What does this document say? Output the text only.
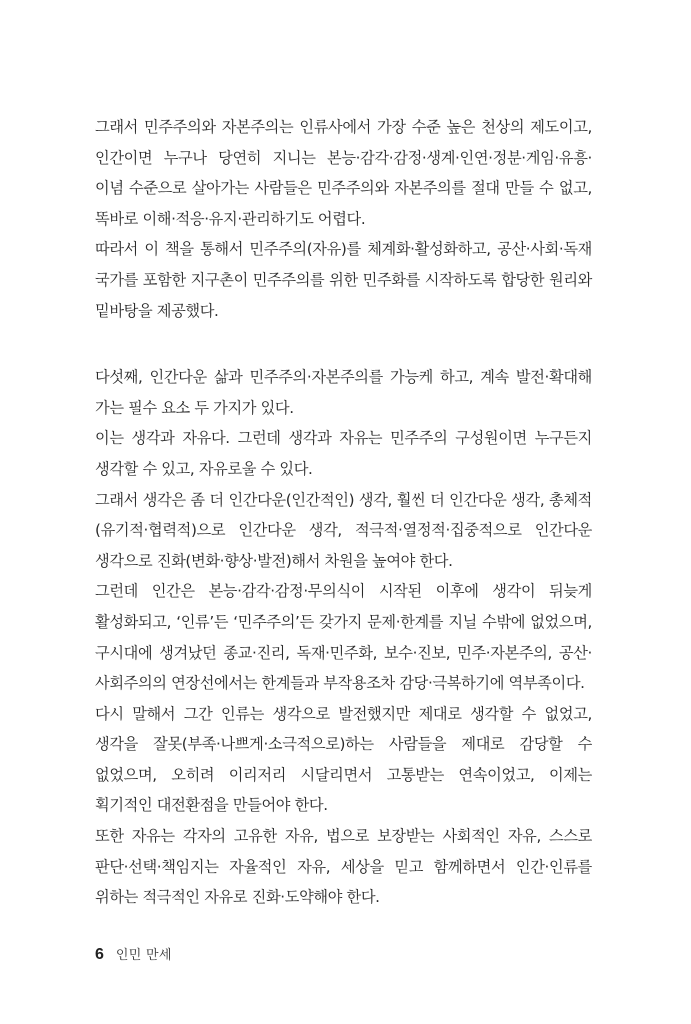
그래서 민주주의와 자본주의는 인류사에서 가장 수준 높은 천상의 제도이고, 인간이면 누구나 당연히 지니는 본능·감각·감정·생계·인연·정분·게임·유흥·이념 수준으로 살아가는 사람들은 민주주의와 자본주의를 절대 만들 수 없고, 똑바로 이해·적응·유지·관리하기도 어렵다.

따라서 이 책을 통해서 민주주의(자유)를 체계화·활성화하고, 공산·사회·독재 국가를 포함한 지구촌이 민주주의를 위한 민주화를 시작하도록 합당한 원리와 밑바탕을 제공했다.

다섯째, 인간다운 삶과 민주주의·자본주의를 가능케 하고, 계속 발전·확대해 가는 필수 요소 두 가지가 있다.

이는 생각과 자유다. 그런데 생각과 자유는 민주주의 구성원이면 누구든지 생각할 수 있고, 자유로울 수 있다.

그래서 생각은 좀 더 인간다운(인간적인) 생각, 훨씬 더 인간다운 생각, 총체적(유기적·협력적)으로 인간다운 생각, 적극적·열정적·집중적으로 인간다운 생각으로 진화(변화·향상·발전)해서 차원을 높여야 한다.

그런데 인간은 본능·감각·감정·무의식이 시작된 이후에 생각이 뒤늦게 활성화되고, ‘인류’든 ‘민주주의’든 갖가지 문제·한계를 지닐 수밖에 없었으며, 구시대에 생겨났던 종교·진리, 독재·민주화, 보수·진보, 민주·자본주의, 공산·사회주의의 연장선에서는 한계들과 부작용조차 감당·극복하기에 역부족이다.

다시 말해서 그간 인류는 생각으로 발전했지만 제대로 생각할 수 없었고, 생각을 잘못(부족·나쁘게·소극적으로)하는 사람들을 제대로 감당할 수 없었으며, 오히려 이리저리 시달리면서 고통받는 연속이었고, 이제는 획기적인 대전환점을 만들어야 한다.

또한 자유는 각자의 고유한 자유, 법으로 보장받는 사회적인 자유, 스스로 판단·선택·책임지는 자율적인 자유, 세상을 믿고 함께하면서 인간·인류를 위하는 적극적인 자유로 진화·도약해야 한다.

6 인민 만세
